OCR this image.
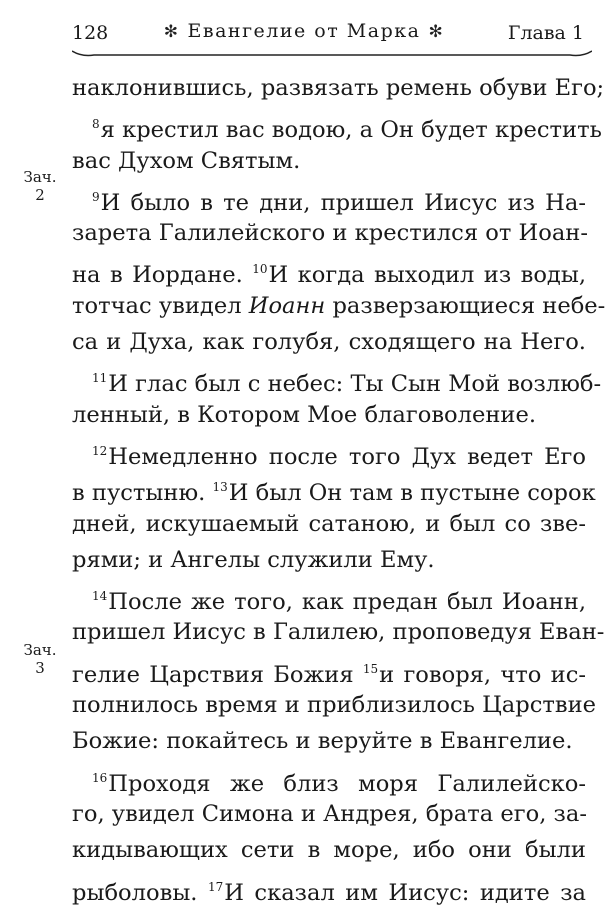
128	✻ Евангелие от Марка ✻	Глава 1
Зач.
2
Зач.
3
наклонившись, развязать ремень обуви Его;
$^8$я крестил вас водою, а Он будет крестить
вас Духом Святым.
$^9$И было в те дни, пришел Иисус из На-
зарета Галилейского и крестился от Иоан-
на в Иордане. $^{10}$И когда выходил из воды,
тотчас увидел Иоанн разверзающиеся небе-
са и Духа, как голубя, сходящего на Него.
$^{11}$И глас был с небес: Ты Сын Мой возлюб-
ленный, в Котором Мое благоволение.
$^{12}$Немедленно после того Дух ведет Его
в пустыню. $^{13}$И был Он там в пустыне сорок
дней, искушаемый сатаною, и был со зве-
рями; и Ангелы служили Ему.
$^{14}$После же того, как предан был Иоанн,
пришел Иисус в Галилею, проповедуя Еван-
гелие Царствия Божия $^{15}$и говоря, что ис-
полнилось время и приблизилось Царствие
Божие: покайтесь и веруйте в Евангелие.
$^{16}$Проходя же близ моря Галилейско-
го, увидел Симона и Андрея, брата его, за-
кидывающих сети в море, ибо они были
рыболовы. $^{17}$И сказал им Иисус: идите за
